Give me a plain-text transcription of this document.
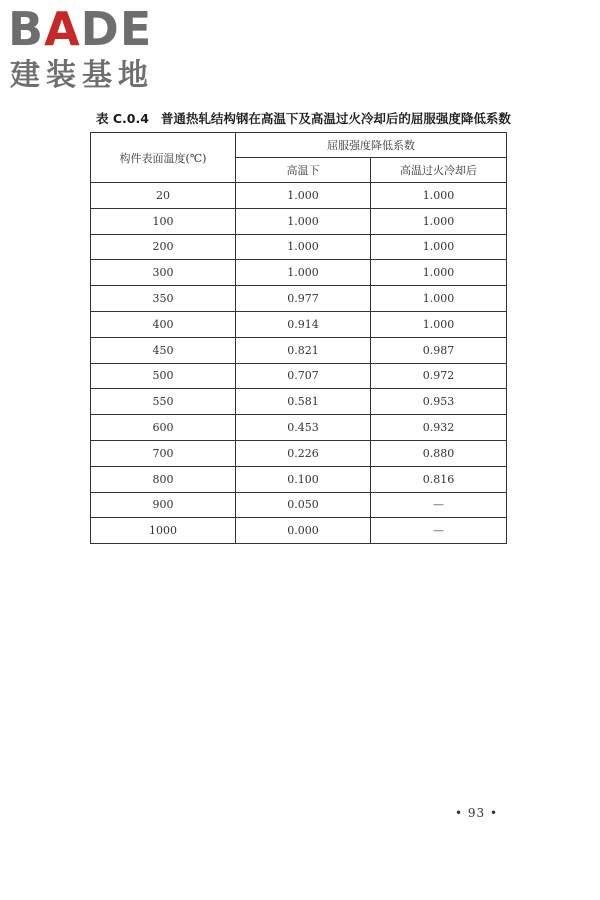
BADE
建装基地
表 C.0.4 普通热轧结构钢在高温下及高温过火冷却后的屈服强度降低系数
构件表面温度(℃)	屈服强度降低系数	
	高温下	高温过火冷却后
20	1.000	1.000
100	1.000	1.000
200	1.000	1.000
300	1.000	1.000
350	0.977	1.000
400	0.914	1.000
450	0.821	0.987
500	0.707	0.972
550	0.581	0.953
600	0.453	0.932
700	0.226	0.880
800	0.100	0.816
900	0.050	—
1000	0.000	—
• 93 •
